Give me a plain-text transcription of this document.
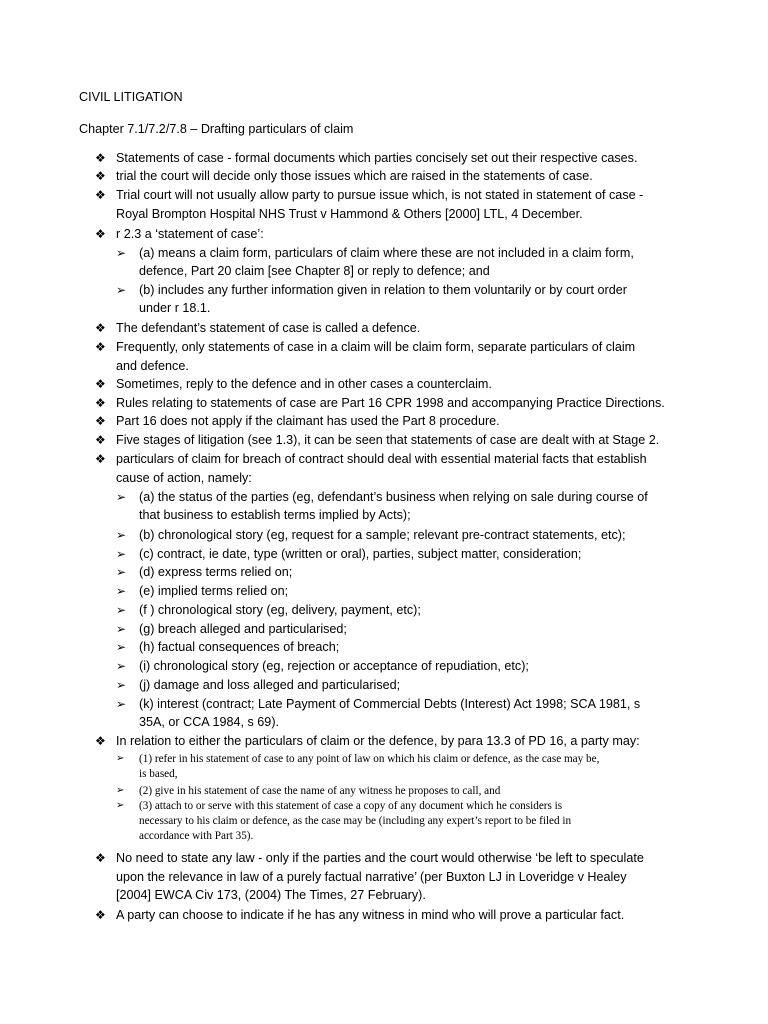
CIVIL LITIGATION
Chapter 7.1/7.2/7.8 – Drafting particulars of claim
❖ Statements of case - formal documents which parties concisely set out their respective cases.
❖ trial the court will decide only those issues which are raised in the statements of case.
❖ Trial court will not usually allow party to pursue issue which, is not stated in statement of case -
Royal Brompton Hospital NHS Trust v Hammond & Others [2000] LTL, 4 December.
❖ r 2.3 a ‘statement of case’:
➢ (a) means a claim form, particulars of claim where these are not included in a claim form,
defence, Part 20 claim [see Chapter 8] or reply to defence; and
➢ (b) includes any further information given in relation to them voluntarily or by court order
under r 18.1.
❖ The defendant’s statement of case is called a defence.
❖ Frequently, only statements of case in a claim will be claim form, separate particulars of claim
and defence.
❖ Sometimes, reply to the defence and in other cases a counterclaim.
❖ Rules relating to statements of case are Part 16 CPR 1998 and accompanying Practice Directions.
❖ Part 16 does not apply if the claimant has used the Part 8 procedure.
❖ Five stages of litigation (see 1.3), it can be seen that statements of case are dealt with at Stage 2.
❖ particulars of claim for breach of contract should deal with essential material facts that establish
cause of action, namely:
➢ (a) the status of the parties (eg, defendant’s business when relying on sale during course of
that business to establish terms implied by Acts);
➢ (b) chronological story (eg, request for a sample; relevant pre-contract statements, etc);
➢ (c) contract, ie date, type (written or oral), parties, subject matter, consideration;
➢ (d) express terms relied on;
➢ (e) implied terms relied on;
➢ (f ) chronological story (eg, delivery, payment, etc);
➢ (g) breach alleged and particularised;
➢ (h) factual consequences of breach;
➢ (i) chronological story (eg, rejection or acceptance of repudiation, etc);
➢ (j) damage and loss alleged and particularised;
➢ (k) interest (contract; Late Payment of Commercial Debts (Interest) Act 1998; SCA 1981, s
35A, or CCA 1984, s 69).
❖ In relation to either the particulars of claim or the defence, by para 13.3 of PD 16, a party may:
➢ (1) refer in his statement of case to any point of law on which his claim or defence, as the case may be,
is based,
➢ (2) give in his statement of case the name of any witness he proposes to call, and
➢ (3) attach to or serve with this statement of case a copy of any document which he considers is
necessary to his claim or defence, as the case may be (including any expert’s report to be filed in
accordance with Part 35).
❖ No need to state any law - only if the parties and the court would otherwise ‘be left to speculate
upon the relevance in law of a purely factual narrative’ (per Buxton LJ in Loveridge v Healey
[2004] EWCA Civ 173, (2004) The Times, 27 February).
❖ A party can choose to indicate if he has any witness in mind who will prove a particular fact.
